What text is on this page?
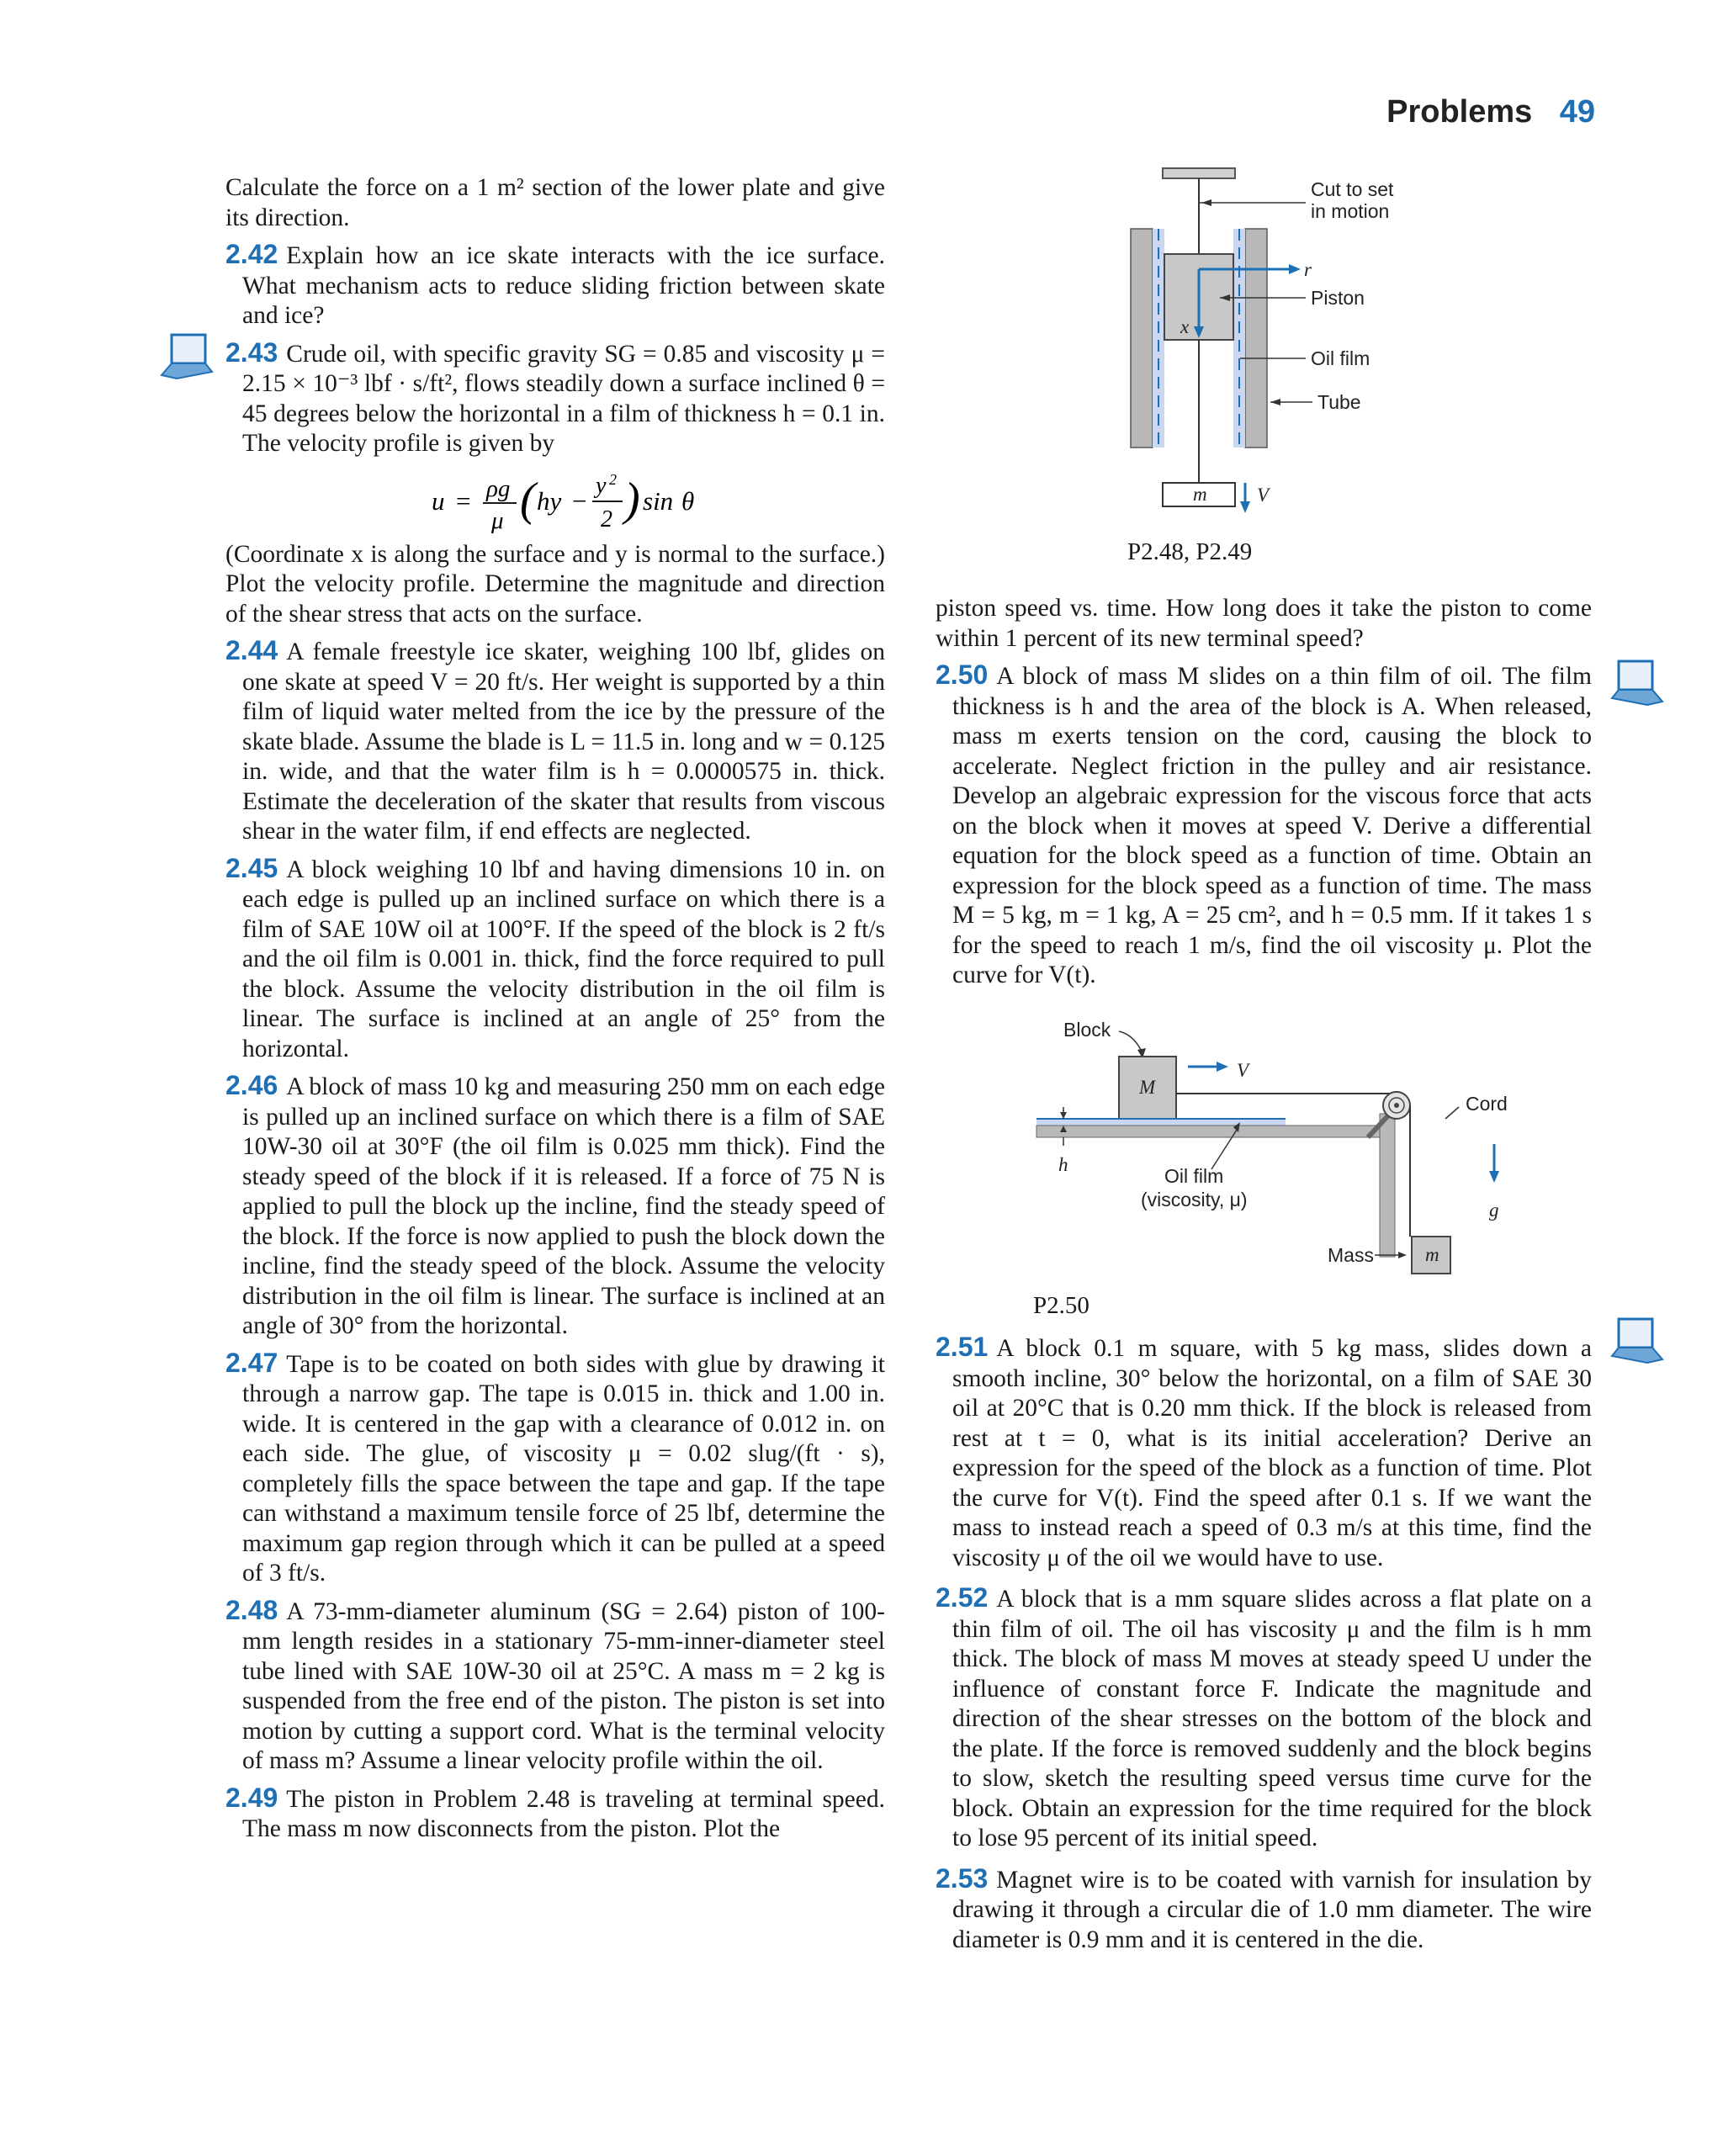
Problems 49

Calculate the force on a 1 m² section of the lower plate and give its direction.

2.42 Explain how an ice skate interacts with the ice surface. What mechanism acts to reduce sliding friction between skate and ice?

2.43 Crude oil, with specific gravity SG = 0.85 and viscosity μ = 2.15 × 10⁻³ lbf · s/ft², flows steadily down a surface inclined θ = 45 degrees below the horizontal in a film of thickness h = 0.1 in. The velocity profile is given by

u = ρg
μ ( hy −
y 2
2 ) sin θ

(Coordinate x is along the surface and y is normal to the surface.) Plot the velocity profile. Determine the magnitude and direction of the shear stress that acts on the surface.

2.44 A female freestyle ice skater, weighing 100 lbf, glides on one skate at speed V = 20 ft/s. Her weight is supported by a thin film of liquid water melted from the ice by the pressure of the skate blade. Assume the blade is L = 11.5 in. long and w = 0.125 in. wide, and that the water film is h = 0.0000575 in. thick. Estimate the deceleration of the skater that results from viscous shear in the water film, if end effects are neglected.

2.45 A block weighing 10 lbf and having dimensions 10 in. on each edge is pulled up an inclined surface on which there is a film of SAE 10W oil at 100°F. If the speed of the block is 2 ft/s and the oil film is 0.001 in. thick, find the force required to pull the block. Assume the velocity distribution in the oil film is linear. The surface is inclined at an angle of 25° from the horizontal.

2.46 A block of mass 10 kg and measuring 250 mm on each edge is pulled up an inclined surface on which there is a film of SAE 10W-30 oil at 30°F (the oil film is 0.025 mm thick). Find the steady speed of the block if it is released. If a force of 75 N is applied to pull the block up the incline, find the steady speed of the block. If the force is now applied to push the block down the incline, find the steady speed of the block. Assume the velocity distribution in the oil film is linear. The surface is inclined at an angle of 30° from the horizontal.

2.47 Tape is to be coated on both sides with glue by drawing it through a narrow gap. The tape is 0.015 in. thick and 1.00 in. wide. It is centered in the gap with a clearance of 0.012 in. on each side. The glue, of viscosity μ = 0.02 slug/(ft · s), completely fills the space between the tape and gap. If the tape can withstand a maximum tensile force of 25 lbf, determine the maximum gap region through which it can be pulled at a speed of 3 ft/s.

2.48 A 73-mm-diameter aluminum (SG = 2.64) piston of 100-mm length resides in a stationary 75-mm-inner-diameter steel tube lined with SAE 10W-30 oil at 25°C. A mass m = 2 kg is suspended from the free end of the piston. The piston is set into motion by cutting a support cord. What is the terminal velocity of mass m? Assume a linear velocity profile within the oil.

2.49 The piston in Problem 2.48 is traveling at terminal speed. The mass m now disconnects from the piston. Plot the

r
x
Cut to set
in motion
Piston
Oil film
Tube
m	V
P2.48, P2.49

piston speed vs. time. How long does it take the piston to come within 1 percent of its new terminal speed?

2.50 A block of mass M slides on a thin film of oil. The film thickness is h and the area of the block is A. When released, mass m exerts tension on the cord, causing the block to accelerate. Neglect friction in the pulley and air resistance. Develop an algebraic expression for the viscous force that acts on the block when it moves at speed V. Derive a differential equation for the block speed as a function of time. Obtain an expression for the block speed as a function of time. The mass M = 5 kg, m = 1 kg, A = 25 cm², and h = 0.5 mm. If it takes 1 s for the speed to reach 1 m/s, find the oil viscosity μ. Plot the curve for V(t).

Block
M
V
Cord
h
Oil film
(viscosity, μ)	g
m
Mass
P2.50

2.51 A block 0.1 m square, with 5 kg mass, slides down a smooth incline, 30° below the horizontal, on a film of SAE 30 oil at 20°C that is 0.20 mm thick. If the block is released from rest at t = 0, what is its initial acceleration? Derive an expression for the speed of the block as a function of time. Plot the curve for V(t). Find the speed after 0.1 s. If we want the mass to instead reach a speed of 0.3 m/s at this time, find the viscosity μ of the oil we would have to use.

2.52 A block that is a mm square slides across a flat plate on a thin film of oil. The oil has viscosity μ and the film is h mm thick. The block of mass M moves at steady speed U under the influence of constant force F. Indicate the magnitude and direction of the shear stresses on the bottom of the block and the plate. If the force is removed suddenly and the block begins to slow, sketch the resulting speed versus time curve for the block. Obtain an expression for the time required for the block to lose 95 percent of its initial speed.

2.53 Magnet wire is to be coated with varnish for insulation by drawing it through a circular die of 1.0 mm diameter. The wire diameter is 0.9 mm and it is centered in the die.
